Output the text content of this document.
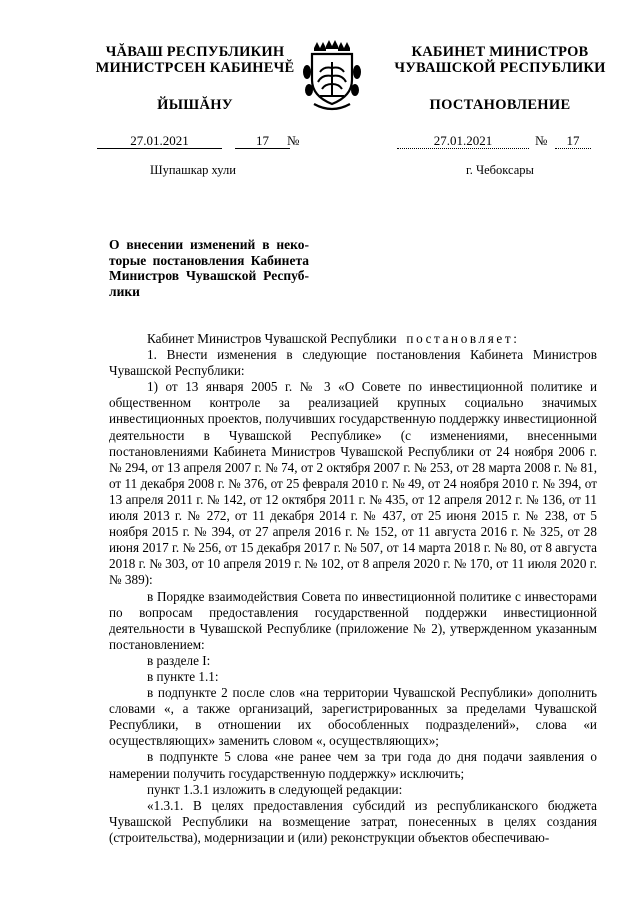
ЧĂВАШ РЕСПУБЛИКИН
МИНИСТРСЕН КАБИНЕЧĔ
ЙЫШĂНУ
КАБИНЕТ МИНИСТРОВ
ЧУВАШСКОЙ РЕСПУБЛИКИ
ПОСТАНОВЛЕНИЕ
27.01.2021	17	№	27.01.2021	№	17
Шупашкар хули	г. Чебоксары
О внесении изменений в неко-
торые постановления Кабинета
Министров Чувашской Респуб-
лики

Кабинет Министров Чувашской Республики постановляет:

1. Внести изменения в следующие постановления Кабинета Министров Чувашской Республики:

1) от 13 января 2005 г. № 3 «О Совете по инвестиционной политике и общественном контроле за реализацией крупных социально значимых инвестиционных проектов, получивших государственную поддержку инвестиционной деятельности в Чувашской Республике» (с изменениями, внесенными постановлениями Кабинета Министров Чувашской Республики от 24 ноября 2006 г. № 294, от 13 апреля 2007 г. № 74, от 2 октября 2007 г. № 253, от 28 марта 2008 г. № 81, от 11 декабря 2008 г. № 376, от 25 февраля 2010 г. № 49, от 24 ноября 2010 г. № 394, от 13 апреля 2011 г. № 142, от 12 октября 2011 г. № 435, от 12 апреля 2012 г. № 136, от 11 июля 2013 г. № 272, от 11 декабря 2014 г. № 437, от 25 июня 2015 г. № 238, от 5 ноября 2015 г. № 394, от 27 апреля 2016 г. № 152, от 11 августа 2016 г. № 325, от 28 июня 2017 г. № 256, от 15 декабря 2017 г. № 507, от 14 марта 2018 г. № 80, от 8 августа 2018 г. № 303, от 10 апреля 2019 г. № 102, от 8 апреля 2020 г. № 170, от 11 июля 2020 г. № 389):

в Порядке взаимодействия Совета по инвестиционной политике с инвесторами по вопросам предоставления государственной поддержки инвестиционной деятельности в Чувашской Республике (приложение № 2), утвержденном указанным постановлением:

в разделе I:

в пункте 1.1:

в подпункте 2 после слов «на территории Чувашской Республики» дополнить словами «, а также организаций, зарегистрированных за пределами Чувашской Республики, в отношении их обособленных подразделений», слова «и осуществляющих» заменить словом «, осуществляющих»;

в подпункте 5 слова «не ранее чем за три года до дня подачи заявления о намерении получить государственную поддержку» исключить;

пункт 1.3.1 изложить в следующей редакции:

«1.3.1. В целях предоставления субсидий из республиканского бюджета Чувашской Республики на возмещение затрат, понесенных в целях создания (строительства), модернизации и (или) реконструкции объектов обеспечиваю-
